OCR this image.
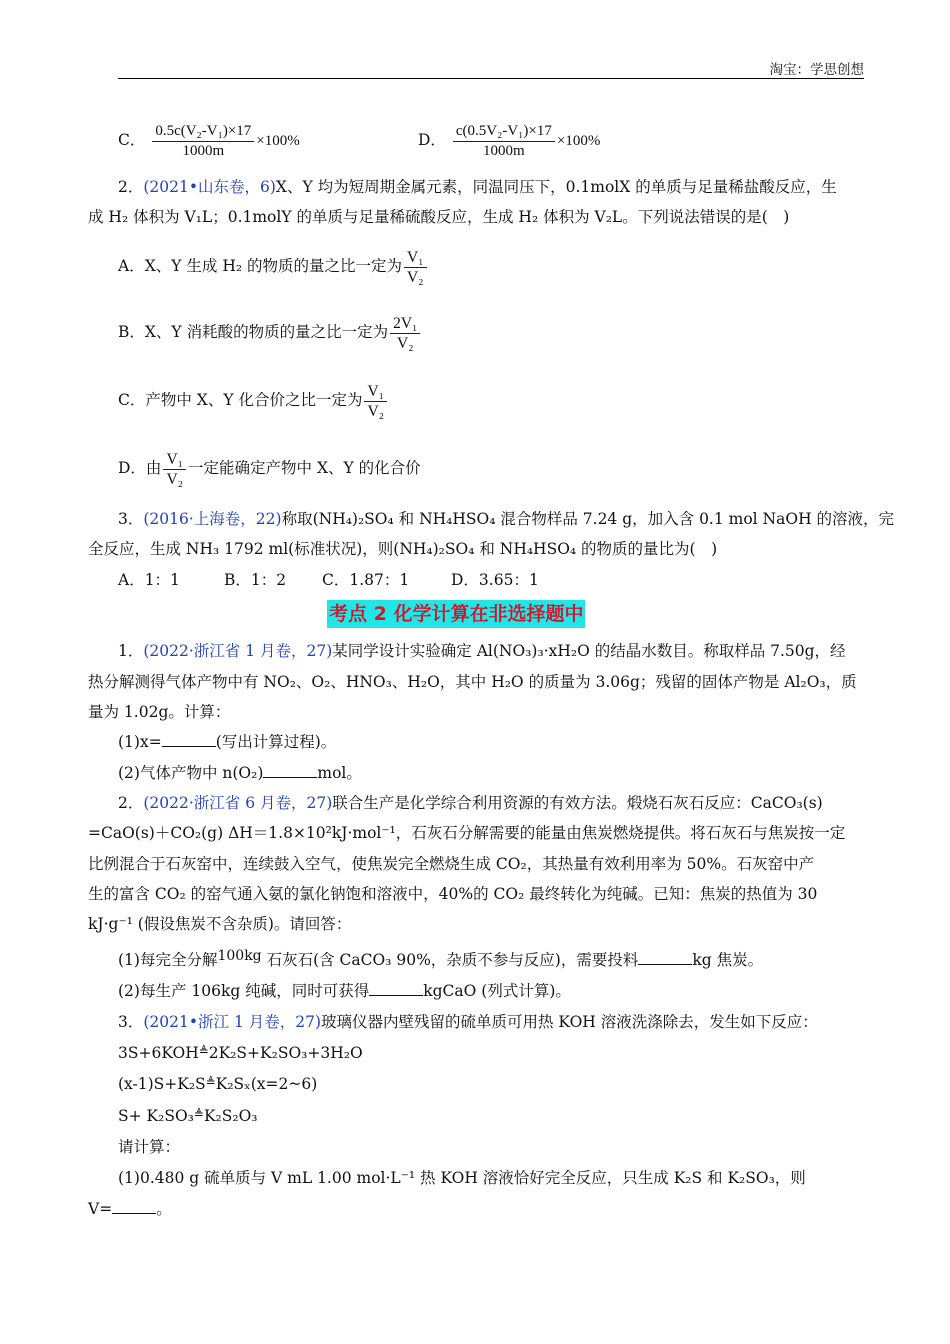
淘宝：学思创想
C． $\frac{\text{0.5c(V₂-V₁)×17}}{1000m} \times 100\%$	D． $\frac{\text{c(0.5V₂-V₁)×17}}{1000m} \times 100\%$
2．(2021•山东卷，6)X、Y 均为短周期金属元素，同温同压下，0.1molX 的单质与足量稀盐酸反应，生
成 H₂ 体积为 V₁L；0.1molY 的单质与足量稀硫酸反应，生成 H₂ 体积为 V₂L。下列说法错误的是(　)
A．X、Y 生成 H₂ 的物质的量之比一定为 $\frac{\text{V₁}}{\text{V₂}}$
B．X、Y 消耗酸的物质的量之比一定为 $\frac{\text{2V₁}}{\text{V₂}}$
C．产物中 X、Y 化合价之比一定为 $\frac{\text{V₁}}{\text{V₂}}$
D．由 $\frac{\text{V₁}}{\text{V₂}}$ 一定能确定产物中 X、Y 的化合价
3．(2016·上海卷，22)称取(NH₄)₂SO₄ 和 NH₄HSO₄ 混合物样品 7.24 g，加入含 0.1 mol NaOH 的溶液，完
全反应，生成 NH₃ 1792 ml(标准状况)，则(NH₄)₂SO₄ 和 NH₄HSO₄ 的物质的量比为(　)
A．1：1	B．1：2 C．1.87：1	D．3.65：1
考点 2 化学计算在非选择题中
1．(2022·浙江省 1 月卷，27)某同学设计实验确定 Al(NO₃)₃·xH₂O 的结晶水数目。称取样品 7.50g，经
热分解测得气体产物中有 NO₂、O₂、HNO₃、H₂O，其中 H₂O 的质量为 3.06g；残留的固体产物是 Al₂O₃，质
量为 1.02g。计算：
(1)x=	(写出计算过程)。
(2)气体产物中 n(O₂)	mol。
2．(2022·浙江省 6 月卷，27)联合生产是化学综合利用资源的有效方法。煅烧石灰石反应：CaCO₃(s)
=CaO(s)＋CO₂(g) ΔH＝1.8×10²kJ·mol⁻¹，石灰石分解需要的能量由焦炭燃烧提供。将石灰石与焦炭按一定
比例混合于石灰窑中，连续鼓入空气，使焦炭完全燃烧生成 CO₂，其热量有效利用率为 50%。石灰窑中产
生的富含 CO₂ 的窑气通入氨的氯化钠饱和溶液中，40%的 CO₂ 最终转化为纯碱。已知：焦炭的热值为 30
kJ·g⁻¹ (假设焦炭不含杂质)。请回答：
(1)每完全分解100kg 石灰石(含 CaCO₃ 90%，杂质不参与反应)，需要投料	kg 焦炭。
(2)每生产 106kg 纯碱，同时可获得	kgCaO (列式计算)。
3．(2021•浙江 1 月卷，27)玻璃仪器内壁残留的硫单质可用热 KOH 溶液洗涤除去，发生如下反应：
3S+6KOH≜2K₂S+K₂SO₃+3H₂O
(x-1)S+K₂S≜K₂Sₓ(x=2~6)
S+ K₂SO₃≜K₂S₂O₃
请计算：
(1)0.480 g 硫单质与 V mL 1.00 mol·L⁻¹ 热 KOH 溶液恰好完全反应，只生成 K₂S 和 K₂SO₃，则
V=	。
